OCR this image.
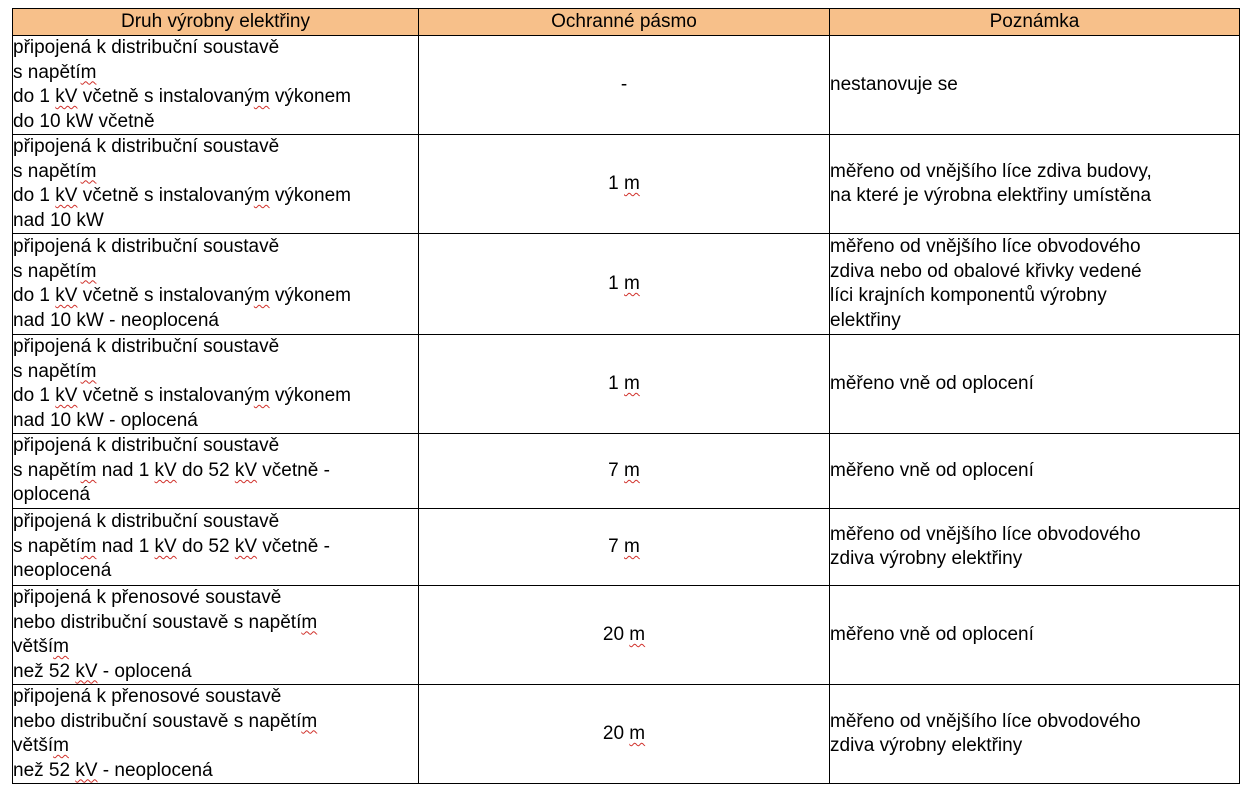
Druh výrobny elektřiny	Ochranné pásmo	Poznámka

připojená k distribuční soustavě
s napětím
do 1 kV včetně s instalovaným výkonem
do 10 kW včetně	-	nestanovuje se

připojená k distribuční soustavě
s napětím
do 1 kV včetně s instalovaným výkonem
nad 10 kW	1 m	měřeno od vnějšího líce zdiva budovy,
na které je výrobna elektřiny umístěna

připojená k distribuční soustavě
s napětím
do 1 kV včetně s instalovaným výkonem
nad 10 kW - neoplocená	1 m	měřeno od vnějšího líce obvodového
zdiva nebo od obalové křivky vedené
líci krajních komponentů výrobny
elektřiny

připojená k distribuční soustavě
s napětím
do 1 kV včetně s instalovaným výkonem
nad 10 kW - oplocená	1 m	měřeno vně od oplocení

připojená k distribuční soustavě
s napětím nad 1 kV do 52 kV včetně -
oplocená	7 m	měřeno vně od oplocení

připojená k distribuční soustavě
s napětím nad 1 kV do 52 kV včetně -
neoplocená	7 m	měřeno od vnějšího líce obvodového
zdiva výrobny elektřiny

připojená k přenosové soustavě
nebo distribuční soustavě s napětím
větším
než 52 kV - oplocená	20 m	měřeno vně od oplocení

připojená k přenosové soustavě
nebo distribuční soustavě s napětím
větším
než 52 kV - neoplocená	20 m	měřeno od vnějšího líce obvodového
zdiva výrobny elektřiny
